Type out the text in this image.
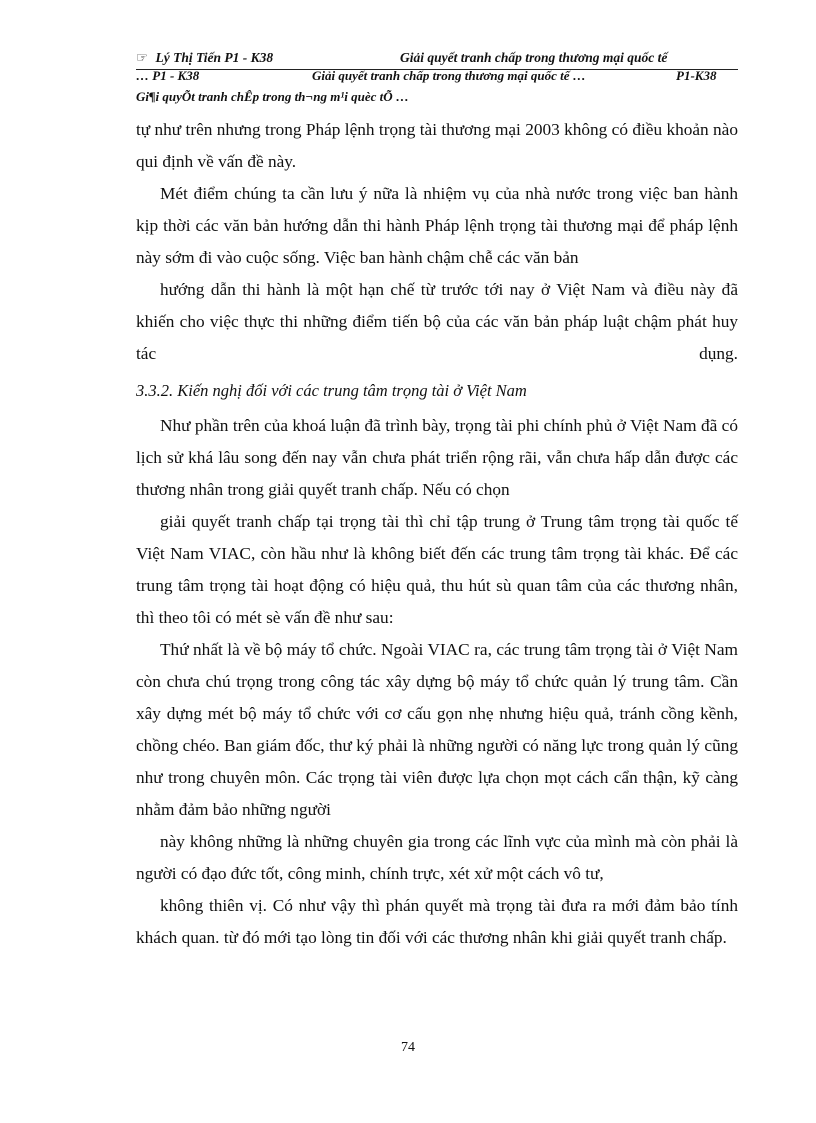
☞ Lý Thị Tiến P1 - K38	Giải quyết tranh chấp trong thương mại quốc tế
… P1 - K38	Giải quyết tranh chấp trong thương mại quốc tế …	P1-K38
Gi¶i quyÕt tranh chÊp trong th¬ng m¹i quèc tÕ …

tự như trên nhưng trong Pháp lệnh trọng tài thương mại 2003 không có điều khoản nào qui định về vấn đề này.

Mét điểm chúng ta cần lưu ý nữa là nhiệm vụ của nhà nước trong việc ban hành kịp thời các văn bản hướng dẫn thi hành Pháp lệnh trọng tài thương mại để pháp lệnh này sớm đi vào cuộc sống. Việc ban hành chậm chễ các văn bản

hướng dẫn thi hành là một hạn chế từ trước tới nay ở Việt Nam và điều này đã khiến cho việc thực thi những điểm tiến bộ của các văn bản pháp luật chậm phát huy tác dụng.

3.3.2. Kiến nghị đối với các trung tâm trọng tài ở Việt Nam

Như phần trên của khoá luận đã trình bày, trọng tài phi chính phủ ở Việt Nam đã có lịch sử khá lâu song đến nay vẫn chưa phát triển rộng rãi, vẫn chưa hấp dẫn được các thương nhân trong giải quyết tranh chấp. Nếu có chọn

giải quyết tranh chấp tại trọng tài thì chỉ tập trung ở Trung tâm trọng tài quốc tế Việt Nam VIAC, còn hầu như là không biết đến các trung tâm trọng tài khác. Để các trung tâm trọng tài hoạt động có hiệu quả, thu hút sù quan tâm của các thương nhân, thì theo tôi có mét sè vấn đề như sau:

Thứ nhất là về bộ máy tổ chức. Ngoài VIAC ra, các trung tâm trọng tài ở Việt Nam còn chưa chú trọng trong công tác xây dựng bộ máy tổ chức quản lý trung tâm. Cần xây dựng mét bộ máy tổ chức với cơ cấu gọn nhẹ nhưng hiệu quả, tránh cồng kềnh, chồng chéo. Ban giám đốc, thư ký phải là những người có năng lực trong quản lý cũng như trong chuyên môn. Các trọng tài viên được lựa chọn mọt cách cẩn thận, kỹ càng nhằm đảm bảo những người

này không những là những chuyên gia trong các lĩnh vực của mình mà còn phải là người có đạo đức tốt, công minh, chính trực, xét xử một cách vô tư,

không thiên vị. Có như vậy thì phán quyết mà trọng tài đưa ra mới đảm bảo tính khách quan. từ đó mới tạo lòng tin đối với các thương nhân khi giải quyết tranh chấp.

74
